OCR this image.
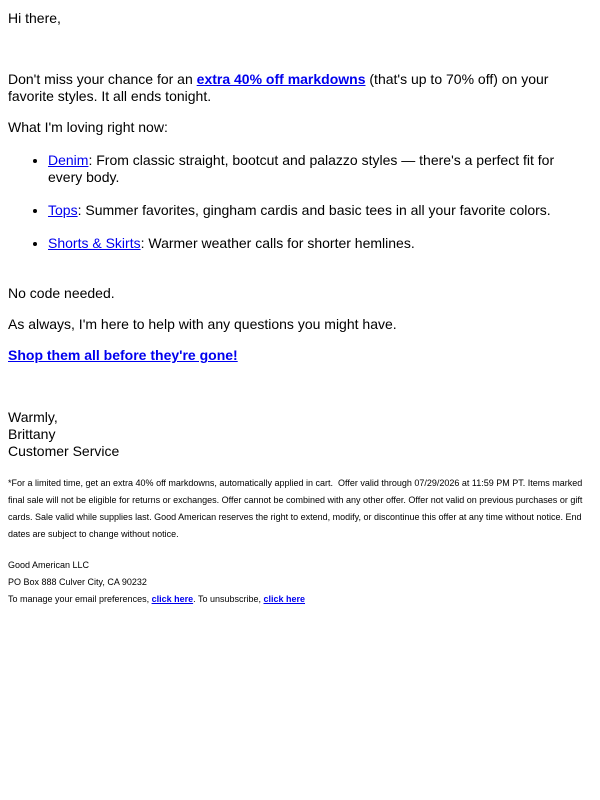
Hi there,

Don't miss your chance for an extra 40% off markdowns (that's up to 70% off) on your favorite styles. It all ends tonight.

What I'm loving right now:

• Denim: From classic straight, bootcut and palazzo styles — there's a perfect fit for every body.
• Tops: Summer favorites, gingham cardis and basic tees in all your favorite colors.
• Shorts & Skirts: Warmer weather calls for shorter hemlines.

No code needed.

As always, I'm here to help with any questions you might have.

Shop them all before they're gone!

Warmly,
Brittany
Customer Service

*For a limited time, get an extra 40% off markdowns, automatically applied in cart.  Offer valid through 07/29/2026 at 11:59 PM PT. Items marked final sale will not be eligible for returns or exchanges. Offer cannot be combined with any other offer. Offer not valid on previous purchases or gift cards. Sale valid while supplies last. Good American reserves the right to extend, modify, or discontinue this offer at any time without notice. End dates are subject to change without notice.

Good American LLC

PO Box 888 Culver City, CA 90232

To manage your email preferences, click here. To unsubscribe, click here
